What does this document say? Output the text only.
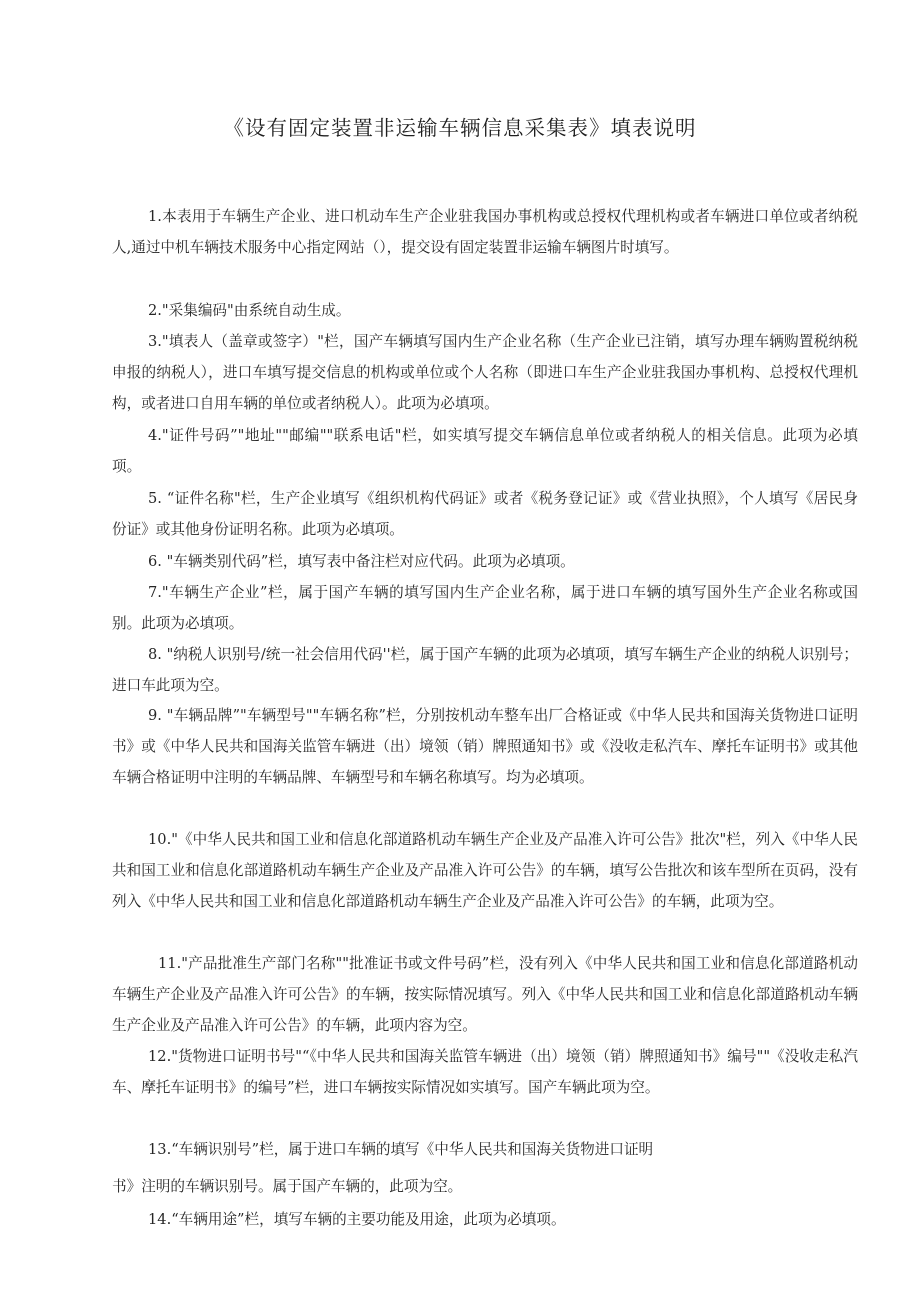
《设有固定装置非运输车辆信息采集表》填表说明

1.本表用于车辆生产企业、进口机动车生产企业驻我国办事机构或总授权代理机构或者车辆进口单位或者纳税人,通过中机车辆技术服务中心指定网站（），提交设有固定装置非运输车辆图片时填写。

2."采集编码"由系统自动生成。

3."填表人（盖章或签字）"栏，国产车辆填写国内生产企业名称（生产企业已注销，填写办理车辆购置税纳税申报的纳税人），进口车填写提交信息的机构或单位或个人名称（即进口车生产企业驻我国办事机构、总授权代理机构，或者进口自用车辆的单位或者纳税人）。此项为必填项。

4."证件号码”"地址""邮编""联系电话"栏，如实填写提交车辆信息单位或者纳税人的相关信息。此项为必填项。

5. “证件名称"栏，生产企业填写《组织机构代码证》或者《税务登记证》或《营业执照》，个人填写《居民身份证》或其他身份证明名称。此项为必填项。

6. "车辆类别代码”栏，填写表中备注栏对应代码。此项为必填项。

7."车辆生产企业”栏，属于国产车辆的填写国内生产企业名称，属于进口车辆的填写国外生产企业名称或国别。此项为必填项。

8. "纳税人识别号/统一社会信用代码''栏，属于国产车辆的此项为必填项，填写车辆生产企业的纳税人识别号；进口车此项为空。

9. "车辆品牌”"车辆型号""车辆名称”栏，分别按机动车整车出厂合格证或《中华人民共和国海关货物进口证明书》或《中华人民共和国海关监管车辆进（出）境领（销）牌照通知书》或《没收走私汽车、摩托车证明书》或其他车辆合格证明中注明的车辆品牌、车辆型号和车辆名称填写。均为必填项。

10."《中华人民共和国工业和信息化部道路机动车辆生产企业及产品准入许可公告》批次"栏，列入《中华人民共和国工业和信息化部道路机动车辆生产企业及产品准入许可公告》的车辆，填写公告批次和该车型所在页码，没有列入《中华人民共和国工业和信息化部道路机动车辆生产企业及产品准入许可公告》的车辆，此项为空。

11."产品批准生产部门名称""批准证书或文件号码”栏，没有列入《中华人民共和国工业和信息化部道路机动车辆生产企业及产品准入许可公告》的车辆，按实际情况填写。列入《中华人民共和国工业和信息化部道路机动车辆生产企业及产品准入许可公告》的车辆，此项内容为空。

12."货物进口证明书号"“《中华人民共和国海关监管车辆进（出）境领（销）牌照通知书》编号""《没收走私汽车、摩托车证明书》的编号”栏，进口车辆按实际情况如实填写。国产车辆此项为空。

13.“车辆识别号”栏，属于进口车辆的填写《中华人民共和国海关货物进口证明

书》注明的车辆识别号。属于国产车辆的，此项为空。

14.“车辆用途”栏，填写车辆的主要功能及用途，此项为必填项。
